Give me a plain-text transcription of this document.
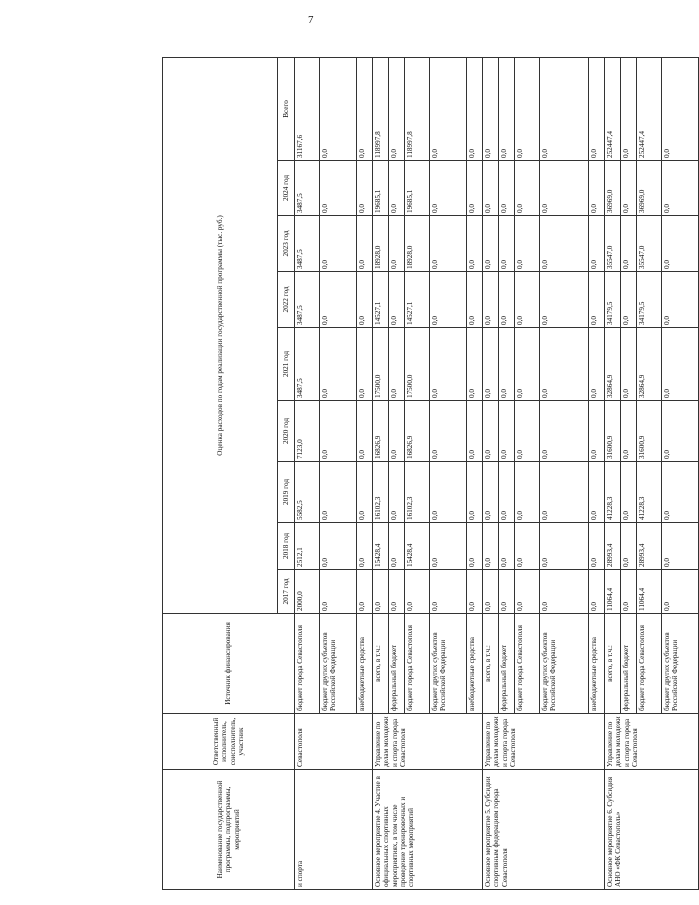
7
Наименование государственной программы, подпрограммы, мероприятий	Ответственный исполнитель, соисполнитель, участник	Источник финансирования	Оценка расходов по годам реализации государственной программы (тыс. руб.)								
			2017 год	2018 год	2019 год	2020 год	2021 год	2022 год	2023 год	2024 год	Всего
и спорта	Севастополя	бюджет города Севастополя	2000,0	2512,1	5582,5	7123,0	3487,5	3487,5	3487,5	3487,5	31167,6
		бюджет других субъектов Российской Федерации	0,0	0,0	0,0	0,0	0,0	0,0	0,0	0,0	0,0
		внебюджетные средства	0,0	0,0	0,0	0,0	0,0	0,0	0,0	0,0	0,0
Основное мероприятие 4. Участие в официальных спортивных мероприятиях, в том числе проведение тренировочных и спортивных мероприятий	Управление по делам молодежи и спорта города Севастополя	всего, в т.ч.:	0,0	15428,4	16102,3	16826,9	17500,0	14527,1	18928,0	19685,1	118997,8
		федеральный бюджет	0,0	0,0	0,0	0,0	0,0	0,0	0,0	0,0	0,0
		бюджет города Севастополя	0,0	15428,4	16102,3	16826,9	17500,0	14527,1	18928,0	19685,1	118997,8
		бюджет других субъектов Российской Федерации	0,0	0,0	0,0	0,0	0,0	0,0	0,0	0,0	0,0
		внебюджетные средства	0,0	0,0	0,0	0,0	0,0	0,0	0,0	0,0	0,0
Основное мероприятие 5. Субсидии спортивным федерациям города Севастополя	Управление по делам молодежи и спорта города Севастополя	всего, в т.ч.:	0,0	0,0	0,0	0,0	0,0	0,0	0,0	0,0	0,0
		федеральный бюджет	0,0	0,0	0,0	0,0	0,0	0,0	0,0	0,0	0,0
		бюджет города Севастополя	0,0	0,0	0,0	0,0	0,0	0,0	0,0	0,0	0,0
		бюджет других субъектов Российской Федерации	0,0	0,0	0,0	0,0	0,0	0,0	0,0	0,0	0,0
		внебюджетные средства	0,0	0,0	0,0	0,0	0,0	0,0	0,0	0,0	0,0
Основное мероприятие 6. Субсидия АНО «ФК Севастополь»	Управление по делам молодежи и спорта города Севастополя	всего, в т.ч.:	11064,4	28993,4	41228,3	31600,9	32864,9	34179,5	35547,0	36969,0	252447,4
		федеральный бюджет	0,0	0,0	0,0	0,0	0,0	0,0	0,0	0,0	0,0
		бюджет города Севастополя	11064,4	28993,4	41228,3	31600,9	32864,9	34179,5	35547,0	36969,0	252447,4
		бюджет других субъектов Российской Федерации	0,0	0,0	0,0	0,0	0,0	0,0	0,0	0,0	0,0
